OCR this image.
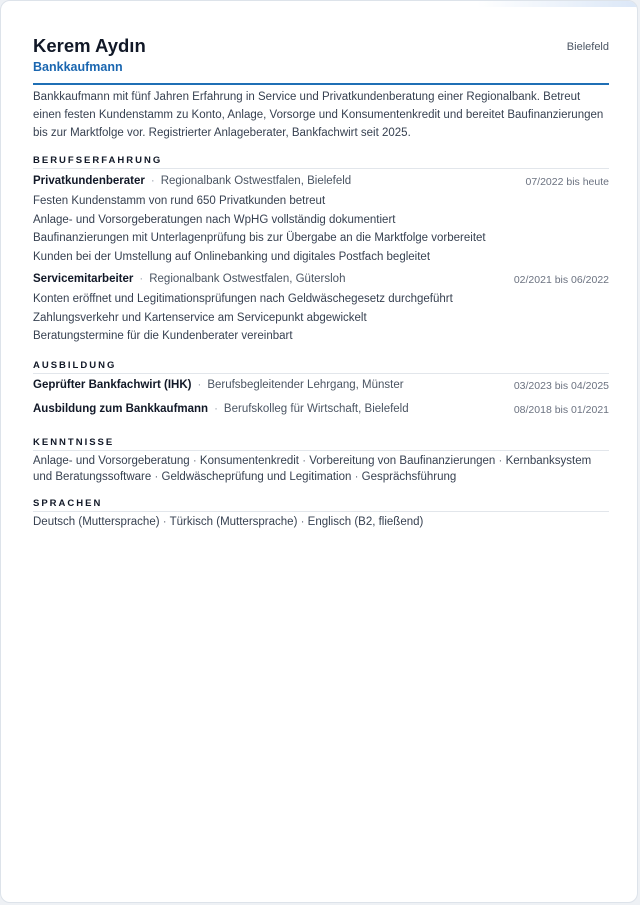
Kerem Aydın
Bankkaufmann
Bielefeld

Bankkaufmann mit fünf Jahren Erfahrung in Service und Privatkundenberatung einer Regionalbank. Betreut einen festen Kundenstamm zu Konto, Anlage, Vorsorge und Konsumentenkredit und bereitet Baufinanzierungen bis zur Marktfolge vor. Registrierter Anlageberater, Bankfachwirt seit 2025.

BERUFSERFAHRUNG
Privatkundenberater · Regionalbank Ostwestfalen, Bielefeld	07/2022 bis heute
Festen Kundenstamm von rund 650 Privatkunden betreut
Anlage- und Vorsorgeberatungen nach WpHG vollständig dokumentiert
Baufinanzierungen mit Unterlagenprüfung bis zur Übergabe an die Marktfolge vorbereitet
Kunden bei der Umstellung auf Onlinebanking und digitales Postfach begleitet
Servicemitarbeiter · Regionalbank Ostwestfalen, Gütersloh	02/2021 bis 06/2022
Konten eröffnet und Legitimationsprüfungen nach Geldwäschegesetz durchgeführt
Zahlungsverkehr und Kartenservice am Servicepunkt abgewickelt
Beratungstermine für die Kundenberater vereinbart
AUSBILDUNG
Geprüfter Bankfachwirt (IHK) · Berufsbegleitender Lehrgang, Münster	03/2023 bis 04/2025
Ausbildung zum Bankkaufmann · Berufskolleg für Wirtschaft, Bielefeld	08/2018 bis 01/2021
KENNTNISSE

Anlage- und Vorsorgeberatung · Konsumentenkredit · Vorbereitung von Baufinanzierungen · Kernbanksystem und Beratungssoftware · Geldwäscheprüfung und Legitimation · Gesprächsführung

SPRACHEN

Deutsch (Muttersprache) · Türkisch (Muttersprache) · Englisch (B2, fließend)
